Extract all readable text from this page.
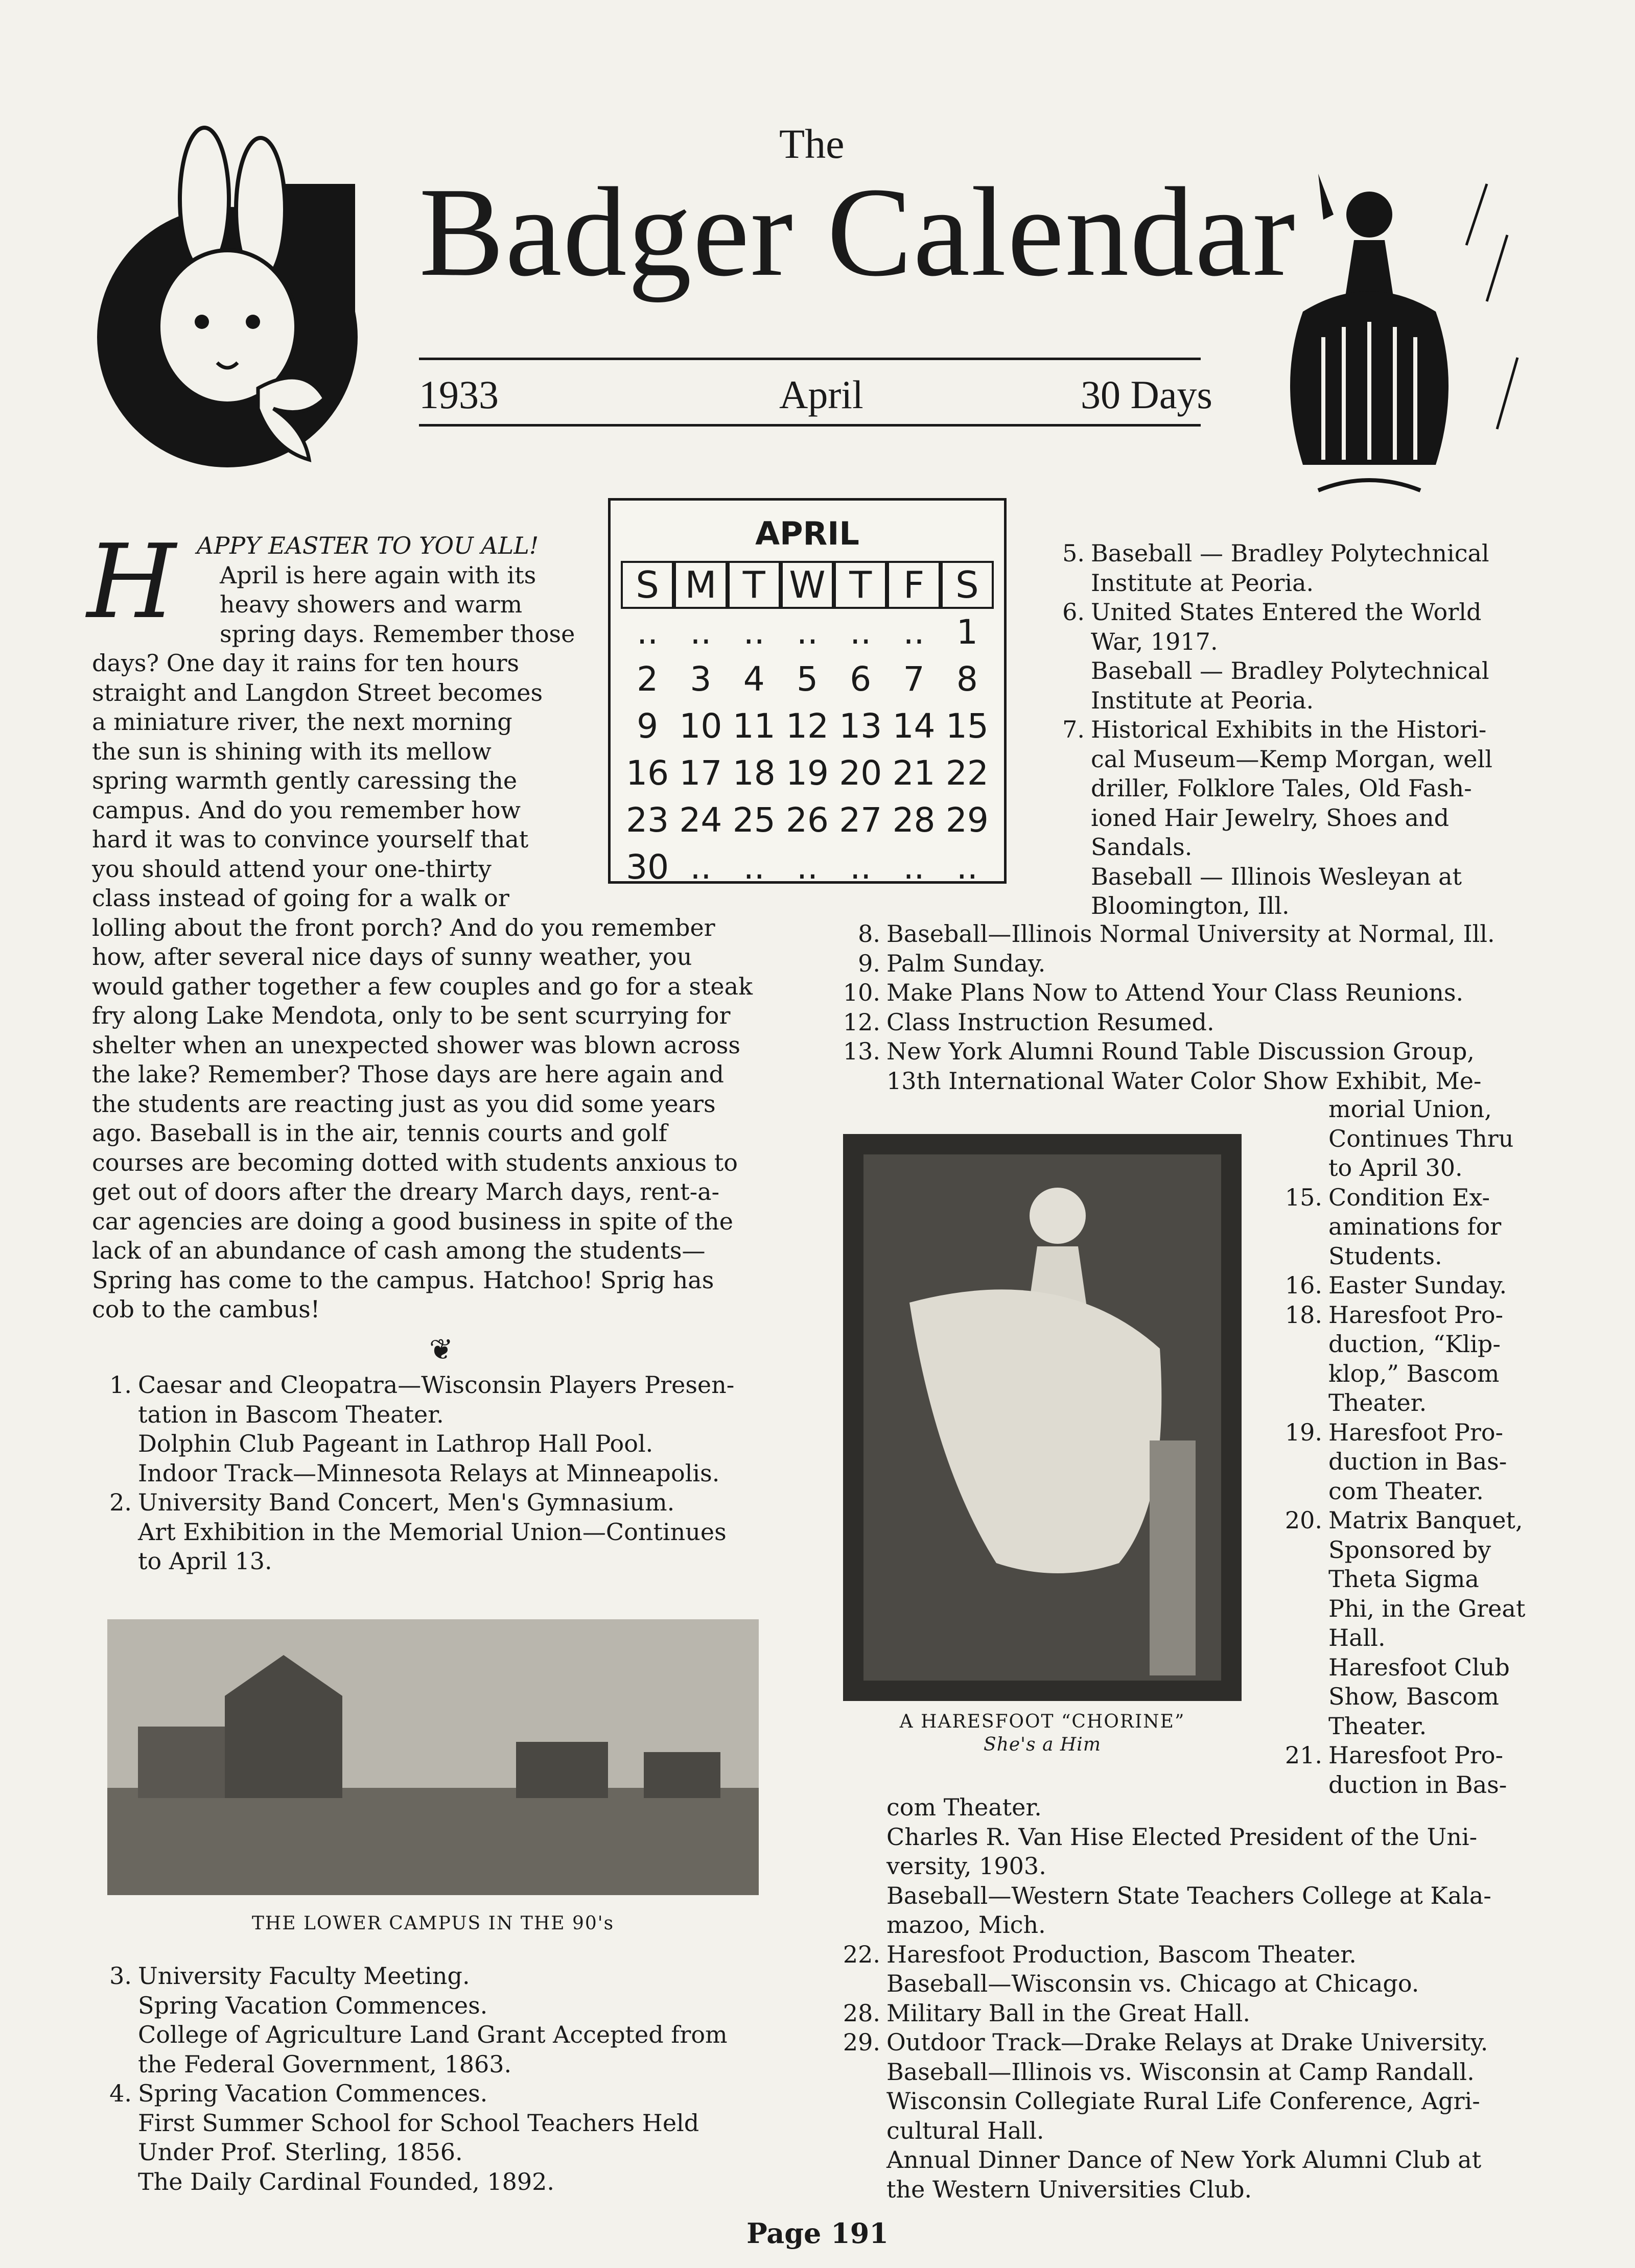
The
Badger Calendar
1933	April	30 Days
APRIL
S M T W T F S
.. .. .. .. .. .. 1
2 3 4 5 6 7 8
9 10 11 12 13 14 15
16 17 18 19 20 21 22
23 24 25 26 27 28 29
30 .. .. .. .. .. ..
H APPY EASTER TO YOU ALL!
April is here again with its
heavy showers and warm
spring days. Remember those
days? One day it rains for ten hours
straight and Langdon Street becomes
a miniature river, the next morning
the sun is shining with its mellow
spring warmth gently caressing the
campus. And do you remember how
hard it was to convince yourself that
you should attend your one-thirty
class instead of going for a walk or
lolling about the front porch? And do you remember
how, after several nice days of sunny weather, you
would gather together a few couples and go for a steak
fry along Lake Mendota, only to be sent scurrying for
shelter when an unexpected shower was blown across
the lake? Remember? Those days are here again and
the students are reacting just as you did some years
ago. Baseball is in the air, tennis courts and golf
courses are becoming dotted with students anxious to
get out of doors after the dreary March days, rent-a-
car agencies are doing a good business in spite of the
lack of an abundance of cash among the students—
Spring has come to the campus. Hatchoo! Sprig has
cob to the cambus!
❦
1. Caesar and Cleopatra—Wisconsin Players Presen-
tation in Bascom Theater.
Dolphin Club Pageant in Lathrop Hall Pool.
Indoor Track—Minnesota Relays at Minneapolis.
2. University Band Concert, Men's Gymnasium.
Art Exhibition in the Memorial Union—Continues
to April 13.
THE LOWER CAMPUS IN THE 90's
3. University Faculty Meeting.
Spring Vacation Commences.
College of Agriculture Land Grant Accepted from
the Federal Government, 1863.
4. Spring Vacation Commences.
First Summer School for School Teachers Held
Under Prof. Sterling, 1856.
The Daily Cardinal Founded, 1892.
5. Baseball — Bradley Polytechnical
Institute at Peoria.
6. United States Entered the World
War, 1917.
Baseball — Bradley Polytechnical
Institute at Peoria.
7. Historical Exhibits in the Histori-
cal Museum—Kemp Morgan, well
driller, Folklore Tales, Old Fash-
ioned Hair Jewelry, Shoes and
Sandals.
Baseball — Illinois Wesleyan at
Bloomington, Ill.
8. Baseball—Illinois Normal University at Normal, Ill.
9. Palm Sunday.
10. Make Plans Now to Attend Your Class Reunions.
12. Class Instruction Resumed.
13. New York Alumni Round Table Discussion Group,
13th International Water Color Show Exhibit, Me-
A HARESFOOT “CHORINE”
She's a Him
morial Union,
Continues Thru
to April 30.
15. Condition Ex-
aminations for
Students.
16. Easter Sunday.
18. Haresfoot Pro-
duction, “Klip-
klop,” Bascom
Theater.
19. Haresfoot Pro-
duction in Bas-
com Theater.
20. Matrix Banquet,
Sponsored by
Theta Sigma
Phi, in the Great
Hall.
Haresfoot Club
Show, Bascom
Theater.
21. Haresfoot Pro-
duction in Bas-
com Theater.
Charles R. Van Hise Elected President of the Uni-
versity, 1903.
Baseball—Western State Teachers College at Kala-
mazoo, Mich.
22. Haresfoot Production, Bascom Theater.
Baseball—Wisconsin vs. Chicago at Chicago.
28. Military Ball in the Great Hall.
29. Outdoor Track—Drake Relays at Drake University.
Baseball—Illinois vs. Wisconsin at Camp Randall.
Wisconsin Collegiate Rural Life Conference, Agri-
cultural Hall.
Annual Dinner Dance of New York Alumni Club at
the Western Universities Club.
Page 191
